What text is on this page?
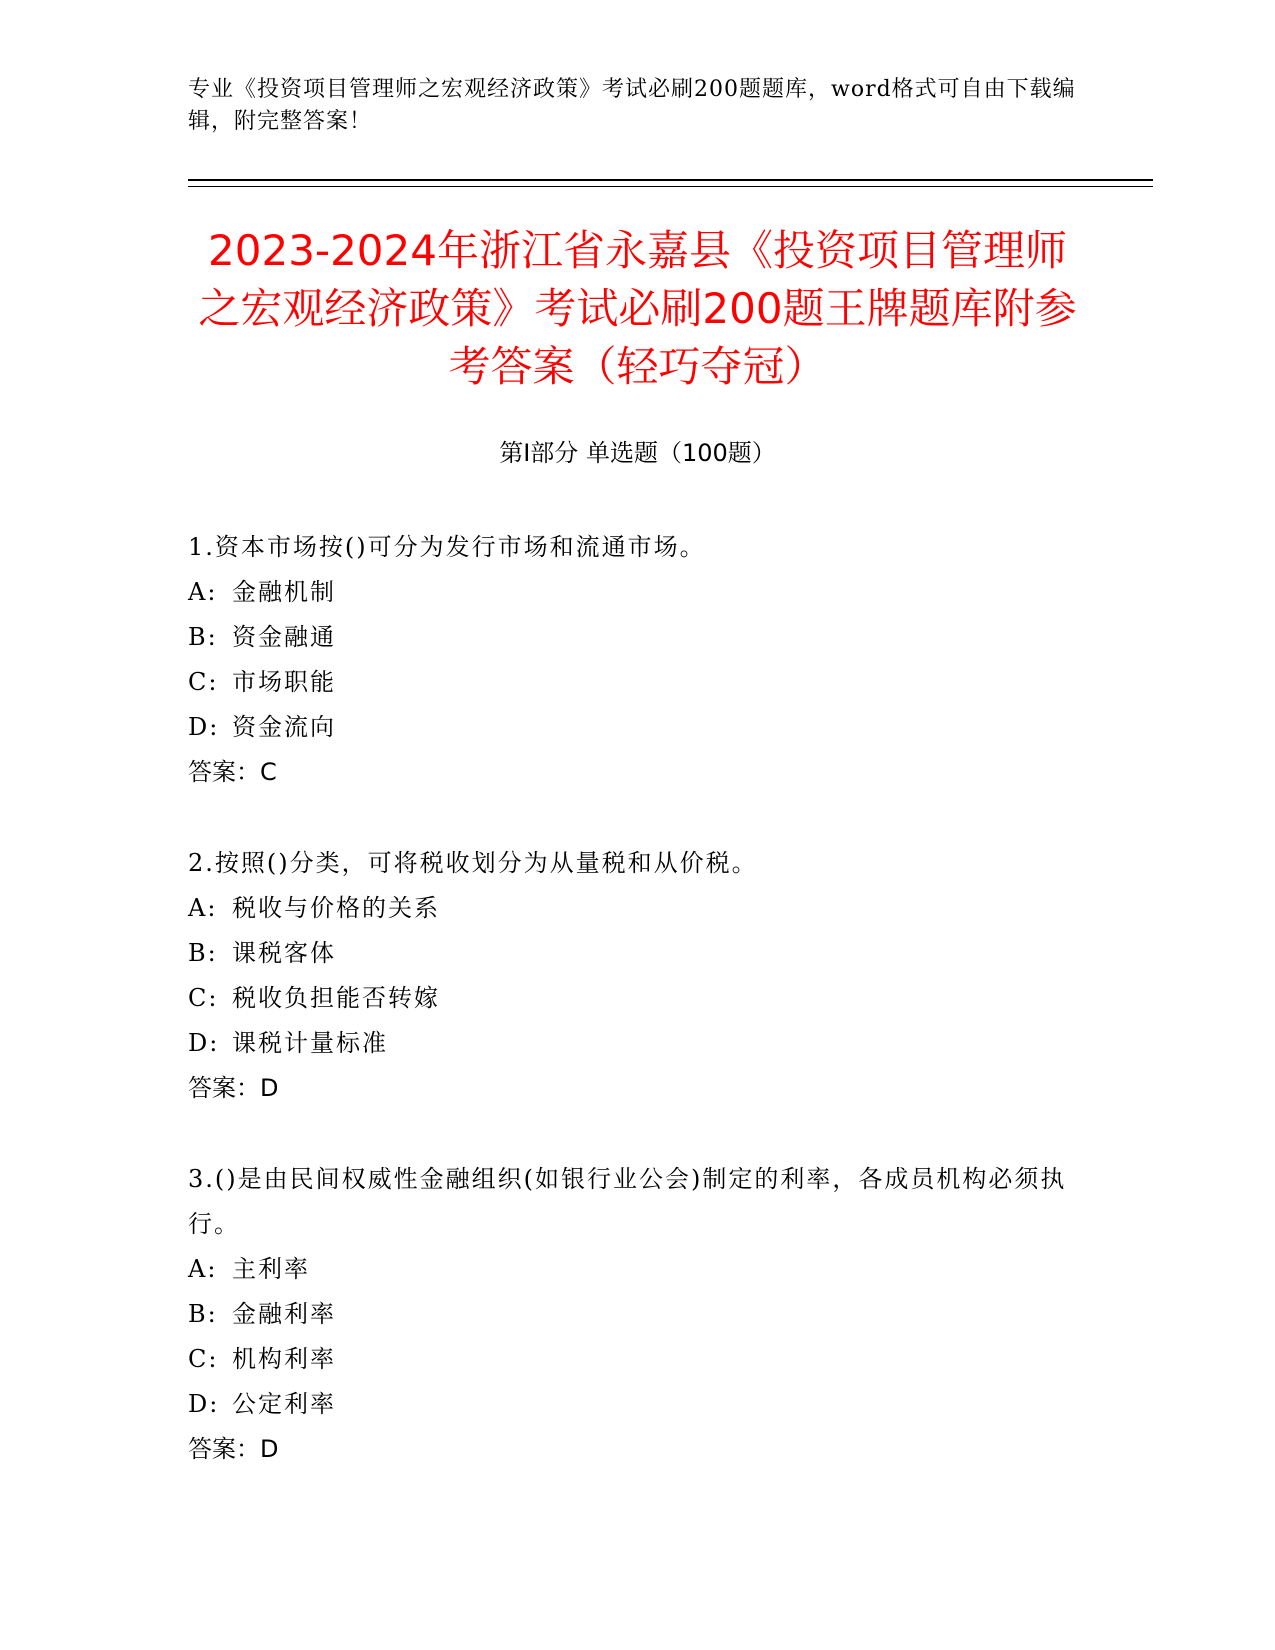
专业《投资项目管理师之宏观经济政策》考试必刷200题题库，word格式可自由下载编辑，附完整答案！
2023-2024年浙江省永嘉县《投资项目管理师之宏观经济政策》考试必刷200题王牌题库附参考答案（轻巧夺冠）
第Ⅰ部分 单选题（100题）
1.资本市场按()可分为发行市场和流通市场。
A: 金融机制
B: 资金融通
C: 市场职能
D: 资金流向
答案：C
2.按照()分类，可将税收划分为从量税和从价税。
A: 税收与价格的关系
B: 课税客体
C: 税收负担能否转嫁
D: 课税计量标准
答案：D
3.()是由民间权威性金融组织(如银行业公会)制定的利率，各成员机构必须执行。
A: 主利率
B: 金融利率
C: 机构利率
D: 公定利率
答案：D
